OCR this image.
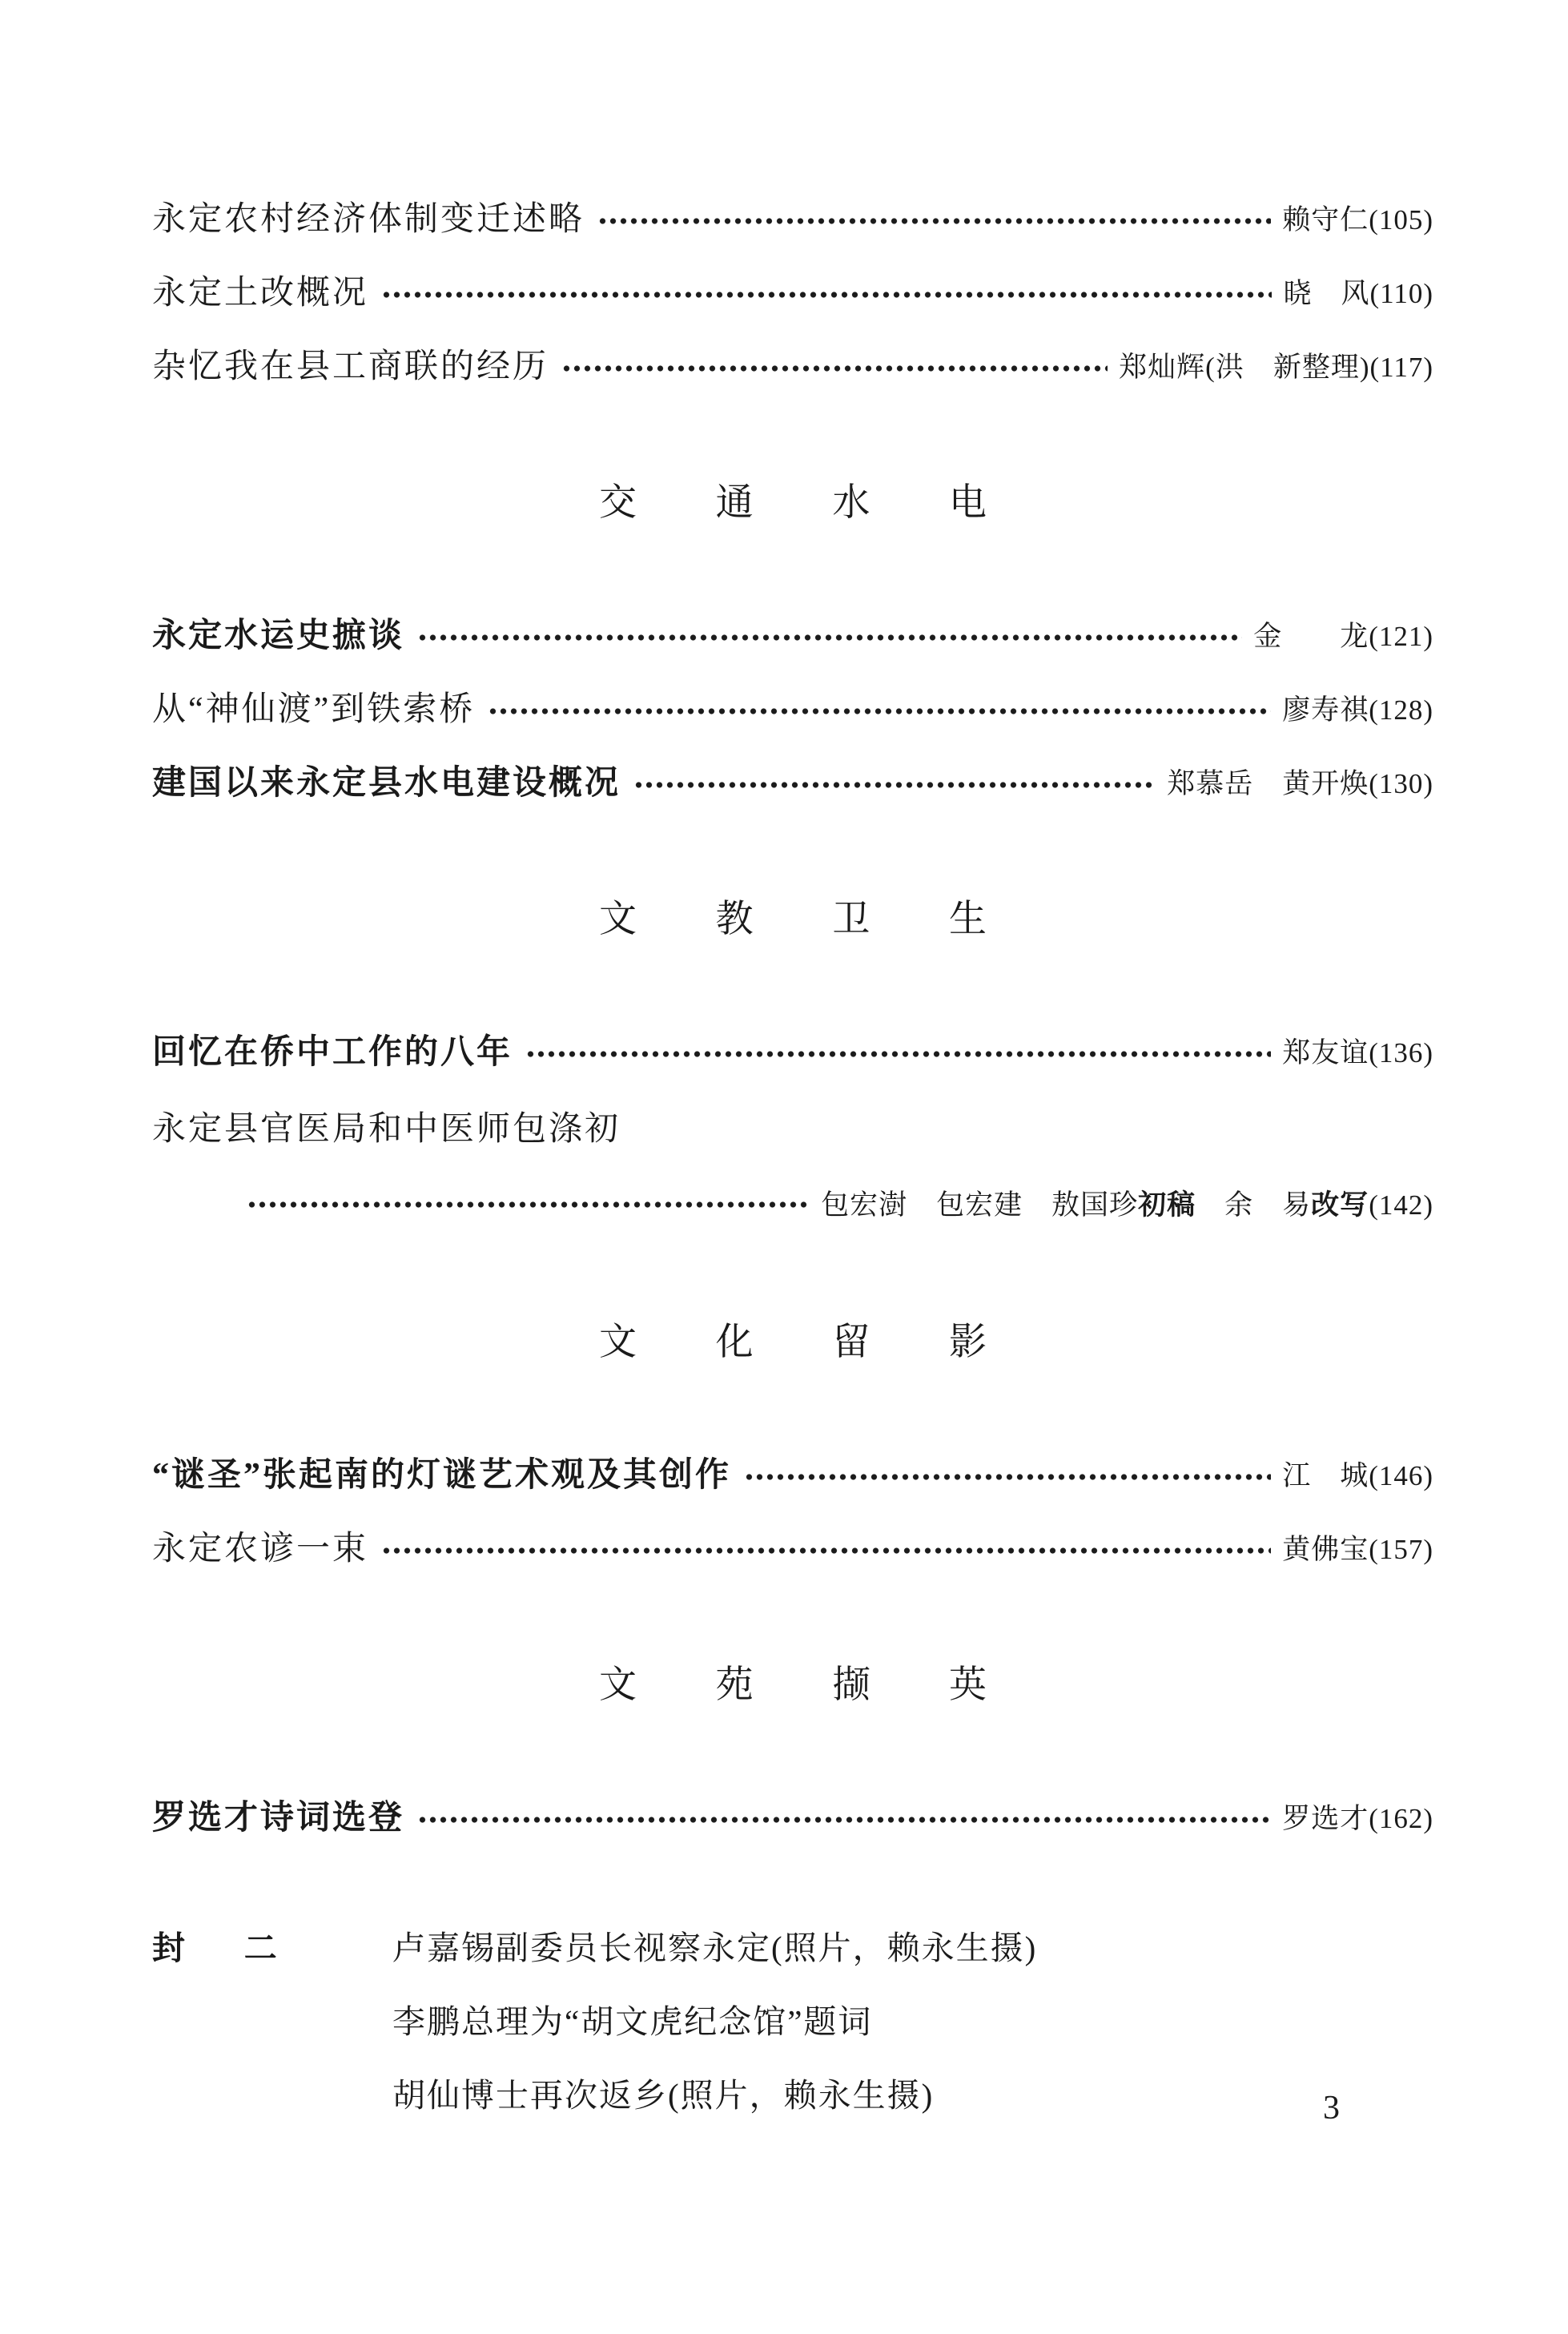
永定农村经济体制变迁述略	赖守仁(105)
永定土改概况	晓　风(110)
杂忆我在县工商联的经历	郑灿辉(洪　新整理)(117)
交通水电
永定水运史摭谈	金　　龙(121)
从“神仙渡”到铁索桥	廖寿祺(128)
建国以来永定县水电建设概况	郑慕岳　黄开焕(130)
文教卫生
回忆在侨中工作的八年	郑友谊(136)
永定县官医局和中医师包涤初
包宏澍　包宏建　敖国珍初稿　余　易改写(142)
文化留影
“谜圣”张起南的灯谜艺术观及其创作	江　城(146)
永定农谚一束	黄佛宝(157)
文苑撷英
罗选才诗词选登	罗选才(162)
封二	卢嘉锡副委员长视察永定(照片，赖永生摄)
李鹏总理为“胡文虎纪念馆”题词
胡仙博士再次返乡(照片，赖永生摄)	3
